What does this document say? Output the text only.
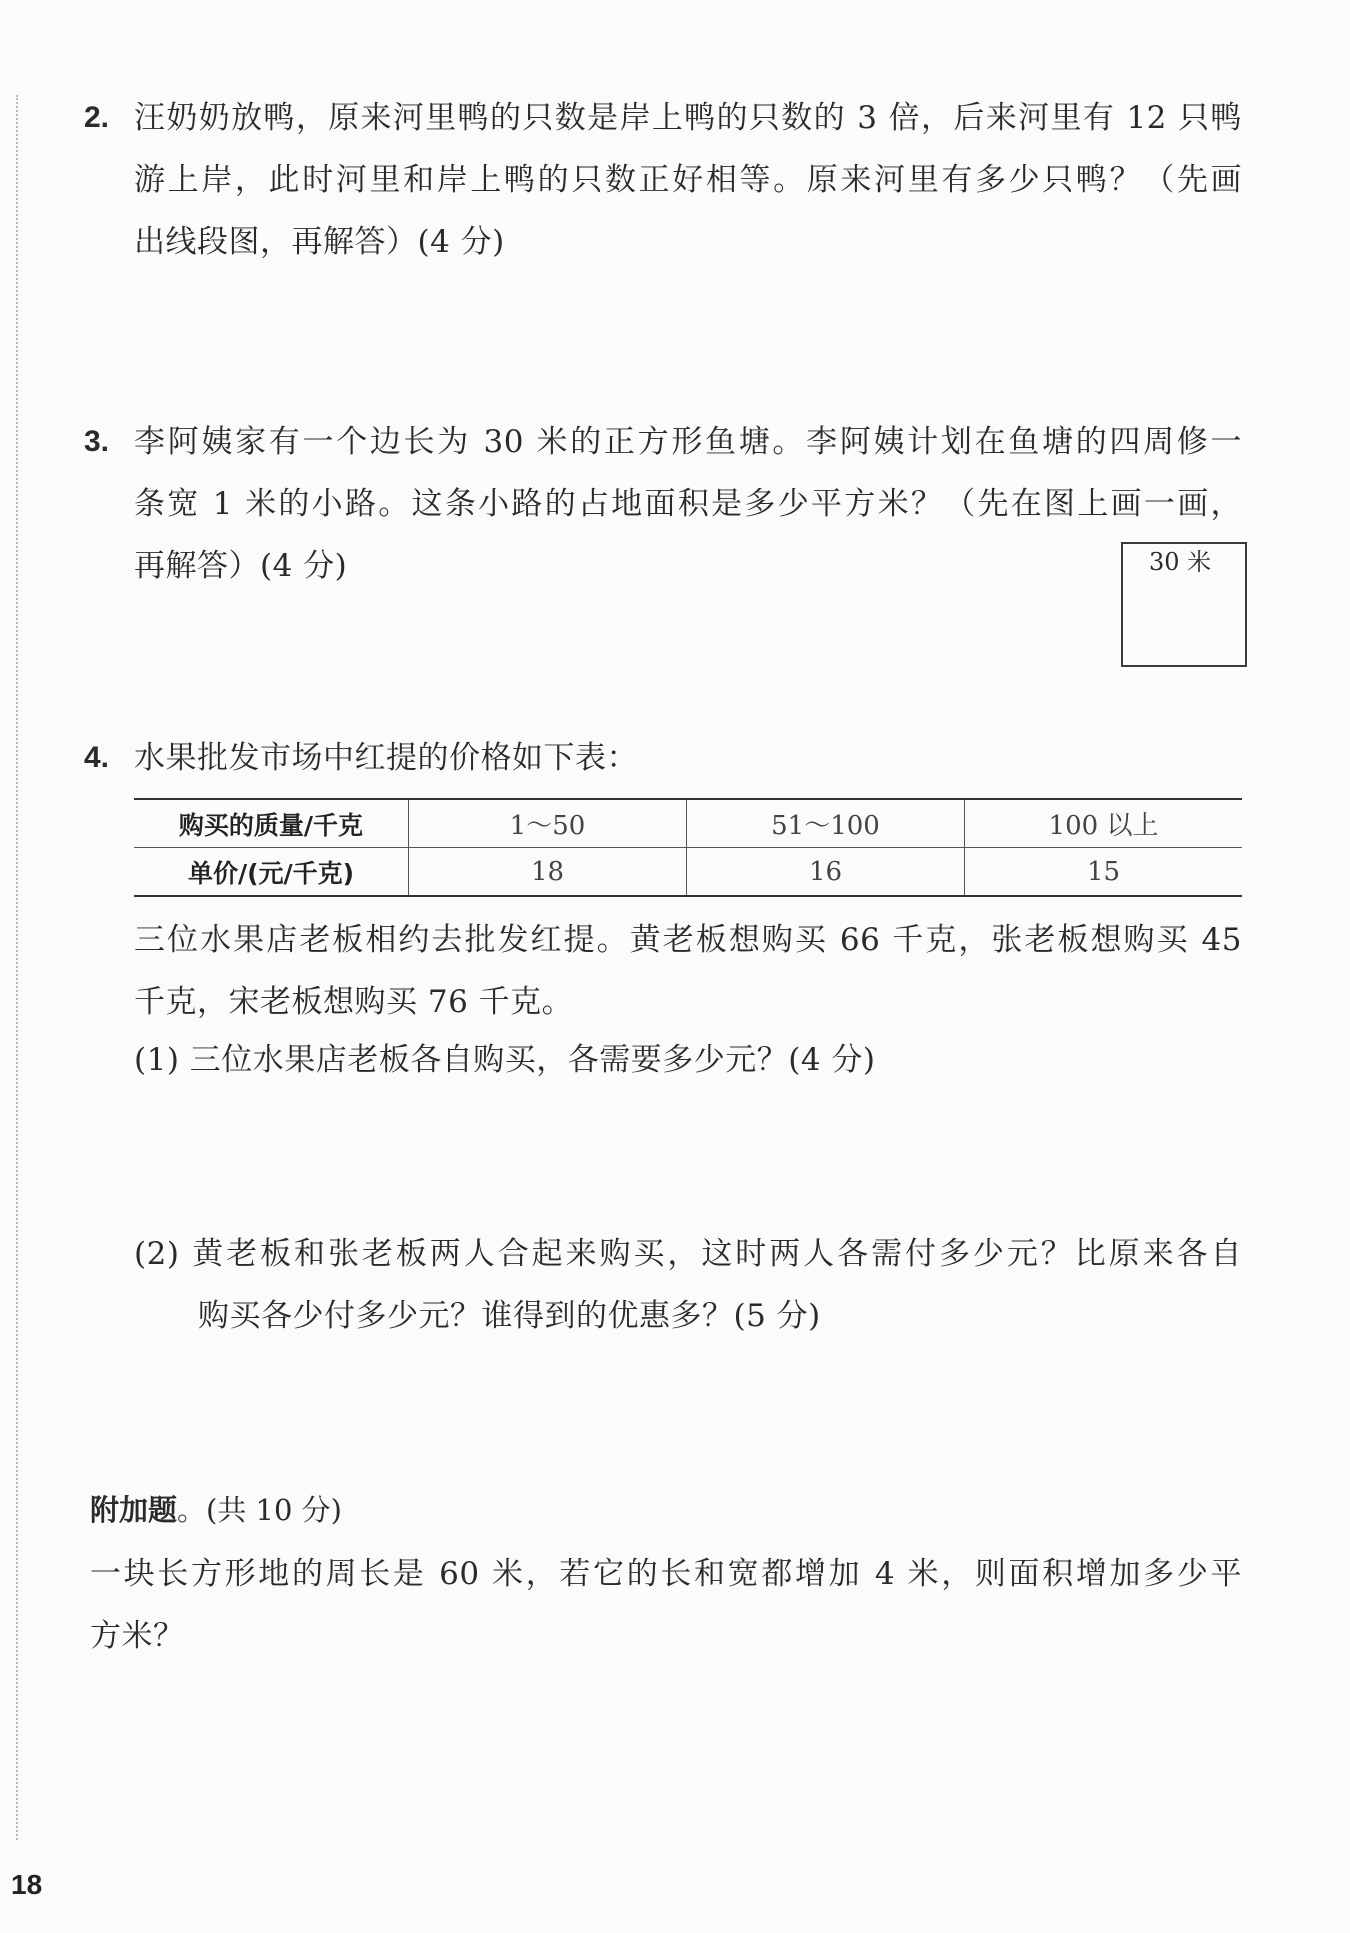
2. 汪奶奶放鸭，原来河里鸭的只数是岸上鸭的只数的 3 倍，后来河里有 12 只鸭
游上岸，此时河里和岸上鸭的只数正好相等。原来河里有多少只鸭？（先画
出线段图，再解答）(4 分)
3. 李阿姨家有一个边长为 30 米的正方形鱼塘。李阿姨计划在鱼塘的四周修一
条宽 1 米的小路。这条小路的占地面积是多少平方米？（先在图上画一画，
再解答）(4 分)	30 米
4. 水果批发市场中红提的价格如下表：
购买的质量/千克	1～50	51～100	100 以上
单价/(元/千克)	18	16	15
三位水果店老板相约去批发红提。黄老板想购买 66 千克，张老板想购买 45
千克，宋老板想购买 76 千克。
(1) 三位水果店老板各自购买，各需要多少元？(4 分)
(2) 黄老板和张老板两人合起来购买，这时两人各需付多少元？比原来各自
购买各少付多少元？谁得到的优惠多？(5 分)
附加题。(共 10 分)
一块长方形地的周长是 60 米，若它的长和宽都增加 4 米，则面积增加多少平
方米？
18
